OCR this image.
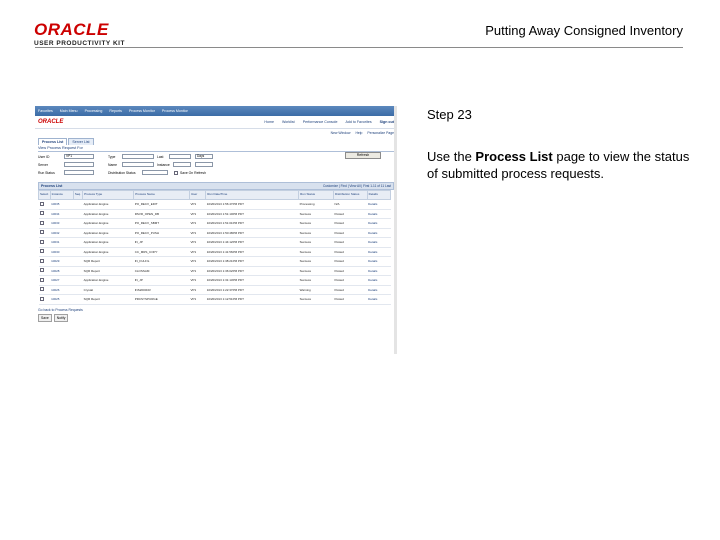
ORACLE
USER PRODUCTIVITY KIT
Putting Away Consigned Inventory
Favorites Main Menu Processing Reports Process Monitor Process Monitor
ORACLE	Home Worklist Performance Console Add to Favorites Sign out
New Window Help Personalize Page
Process List	Server List
View Process Request For
User ID	VP1	Type	Last	Days	Refresh
Server	Name	Instance
Run Status	Distribution Status	Save On Refresh
Process List	Customize | Find | View All | First 1-11 of 11 Last
Select	Instance	Seq.	Process Type	Process Name	User	Run Date/Time	Run Status	Distribution Status	Details
	10035		Application Engine	PO_RECV_EDIT	VP1	10/20/2013 1:56:47PM PDT	Processing	N/A	Details
	10034		Application Engine	RSVR_OPEN_DB	VP1	10/20/2013 1:51:10PM PDT	Success	Posted	Details
	10033		Application Engine	PO_RECV_SBMT	VP1	10/20/2013 1:51:01PM PDT	Success	Posted	Details
	10032		Application Engine	PO_RECV_PUSH	VP1	10/20/2013 1:50:48PM PDT	Success	Posted	Details
	10031		Application Engine	IN_JP	VP1	10/20/2013 1:44:12PM PDT	Success	Posted	Details
	10030		Application Engine	CC_MRS_COPY	VP1	10/20/2013 1:41:56PM PDT	Success	Posted	Details
	10029		SQR Report	IN_FULFIL	VP1	10/20/2013 1:38:21PM PDT	Success	Posted	Details
	10028		SQR Report	CLOSSAM	VP1	10/20/2013 1:36:02PM PDT	Success	Posted	Details
	10027		Application Engine	IN_JP	VP1	10/20/2013 1:31:13PM PDT	Success	Posted	Details
	10026		Crystal	INS2000CR	VP1	10/20/2013 1:22:37PM PDT	Warning	Posted	Details
	10025		SQR Report	PRCSYSPURGE	VP1	10/20/2013 1:12:51PM PDT	Success	Posted	Details
Go back to Process Requests
Save	Notify
Step 23
Use the Process List page to view the status of submitted process requests.
